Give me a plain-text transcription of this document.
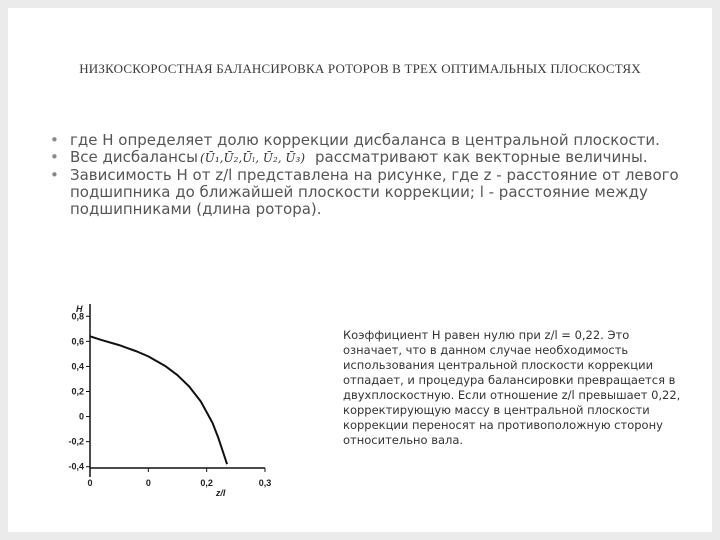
НИЗКОСКОРОСТНАЯ БАЛАНСИРОВКА РОТОРОВ В ТРЕХ ОПТИМАЛЬНЫХ ПЛОСКОСТЯХ
• где H определяет долю коррекции дисбаланса в центральной плоскости.
• Все дисбалансы (Ū₁,Ū₂,Ūₗ, Ū₂, Ū₃) рассматривают как векторные величины.
• Зависимость H от z/l представлена на рисунке, где z - расстояние от левого подшипника до ближайшей плоскости коррекции; l - расстояние между подшипниками (длина ротора).
0,8
0,6
0,4
0,2
0
-0,2
-0,4
0	0	0,2	0,3
H
z/l

Коэффициент H равен нулю при z/l = 0,22. Это означает, что в данном случае необходимость использования центральной плоскости коррекции отпадает, и процедура балансировки превращается в двухплоскостную. Если отношение z/l превышает 0,22, корректирующую массу в центральной плоскости коррекции переносят на противоположную сторону относительно вала.
